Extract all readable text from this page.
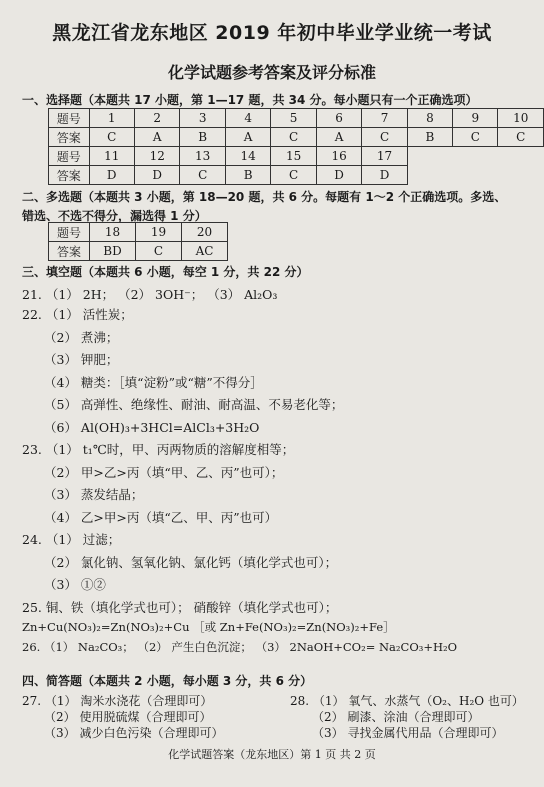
黑龙江省龙东地区 2019 年初中毕业学业统一考试
化学试题参考答案及评分标准
一、选择题（本题共 17 小题，第 1—17 题，共 34 分。每小题只有一个正确选项）
题号	1	2	3	4	5	6	7	8	9	10
答案	C	A	B	A	C	A	C	B	C	C
题号	11	12	13	14	15	16	17			
答案	D	D	C	B	C	D	D			
二、多选题（本题共 3 小题，第 18—20 题，共 6 分。每题有 1～2 个正确选项。多选、
错选、不选不得分，漏选得 1 分）
题号	18	19	20
答案	BD	C	AC
三、填空题（本题共 6 小题，每空 1 分，共 22 分）
21. （1） 2H； （2） 3OH⁻； （3） Al₂O₃
22. （1） 活性炭；
（2） 煮沸；
（3） 钾肥；
（4） 糖类：［填“淀粉”或“糖”不得分］
（5） 高弹性、绝缘性、耐油、耐高温、不易老化等；
（6） Al(OH)₃+3HCl=AlCl₃+3H₂O
23. （1） t₁℃时，甲、丙两物质的溶解度相等；
（2） 甲>乙>丙（填“甲、乙、丙”也可）；
（3） 蒸发结晶；
（4） 乙>甲>丙（填“乙、甲、丙”也可）
24. （1） 过滤；
（2） 氯化钠、氢氧化钠、氯化钙（填化学式也可）；
（3） ①②
25. 铜、铁（填化学式也可）； 硝酸锌（填化学式也可）；
Zn+Cu(NO₃)₂=Zn(NO₃)₂+Cu ［或 Zn+Fe(NO₃)₂=Zn(NO₃)₂+Fe］
26. （1） Na₂CO₃； （2） 产生白色沉淀； （3） 2NaOH+CO₂= Na₂CO₃+H₂O
四、简答题（本题共 2 小题，每小题 3 分，共 6 分）
27. （1） 淘米水浇花（合理即可）
（2） 使用脱硫煤（合理即可）
（3） 减少白色污染（合理即可）
28. （1） 氧气、水蒸气（O₂、H₂O 也可）
化学试题答案（龙东地区）第 1 页 共 2 页
（2） 刷漆、涂油（合理即可）
（3） 寻找金属代用品（合理即可）
